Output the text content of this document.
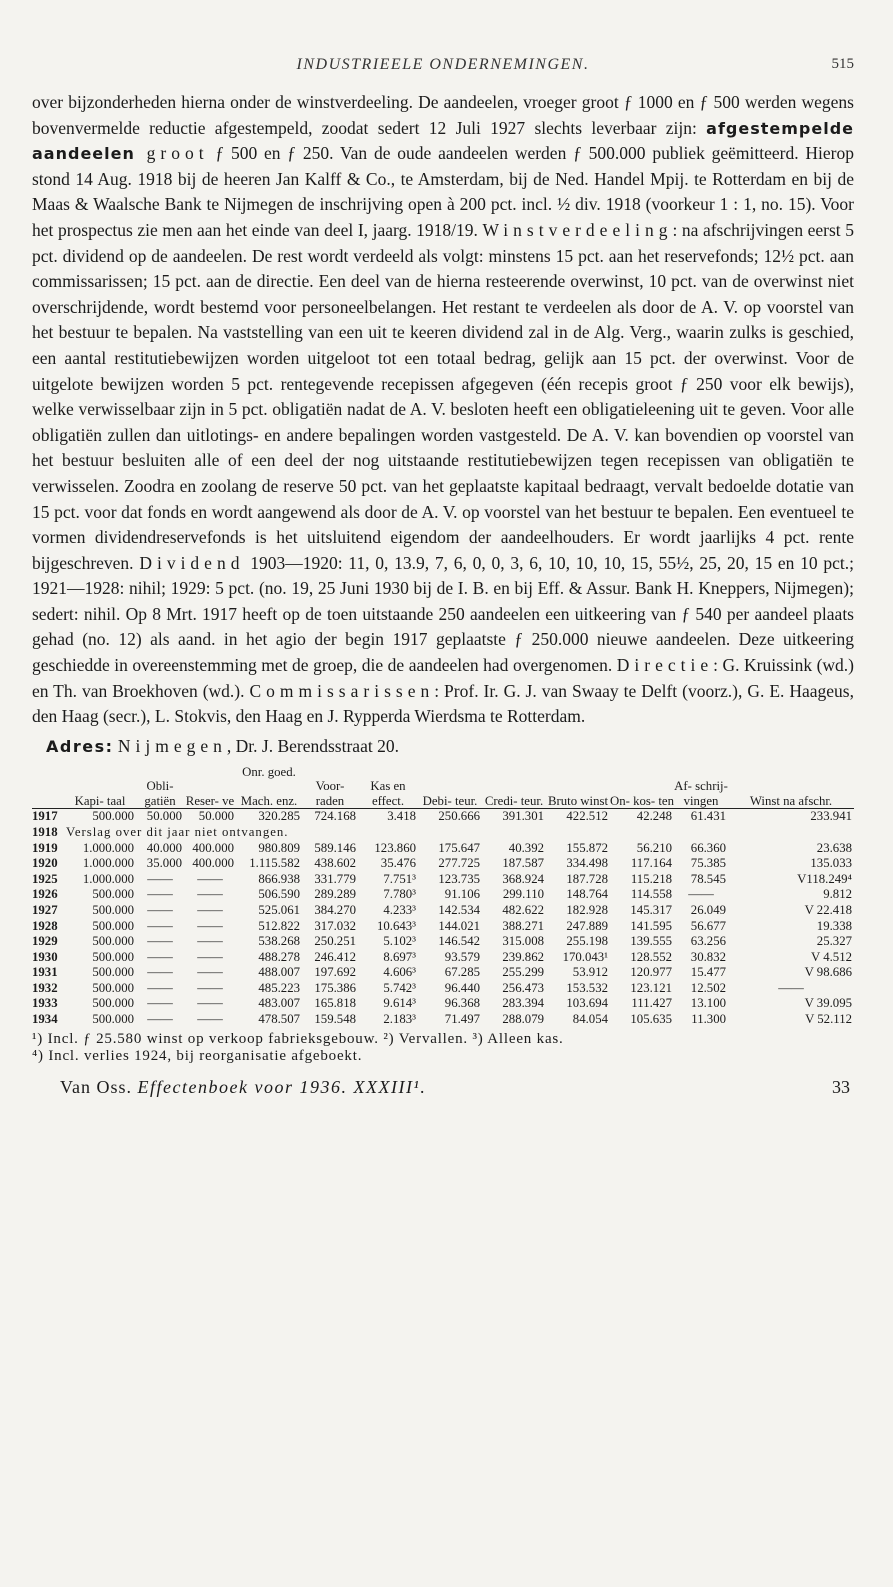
INDUSTRIEELE ONDERNEMINGEN.	515

over bijzonderheden hierna onder de winstverdeeling. De aandeelen, vroeger groot ƒ 1000 en ƒ 500 werden wegens bovenvermelde reductie afgestempeld, zoodat sedert 12 Juli 1927 slechts leverbaar zijn: afgestempelde aandeelen groot ƒ 500 en ƒ 250. Van de oude aandeelen werden ƒ 500.000 publiek geëmitteerd. Hierop stond 14 Aug. 1918 bij de heeren Jan Kalff & Co., te Amsterdam, bij de Ned. Handel Mpij. te Rotterdam en bij de Maas & Waalsche Bank te Nijmegen de inschrijving open à 200 pct. incl. ½ div. 1918 (voorkeur 1 : 1, no. 15). Voor het prospectus zie men aan het einde van deel I, jaarg. 1918/19. Winstverdeeling: na afschrijvingen eerst 5 pct. dividend op de aandeelen. De rest wordt verdeeld als volgt: minstens 15 pct. aan het reservefonds; 12½ pct. aan commissarissen; 15 pct. aan de directie. Een deel van de hierna resteerende overwinst, 10 pct. van de overwinst niet overschrijdende, wordt bestemd voor personeelbelangen. Het restant te verdeelen als door de A. V. op voorstel van het bestuur te bepalen. Na vaststelling van een uit te keeren dividend zal in de Alg. Verg., waarin zulks is geschied, een aantal restitutiebewijzen worden uitgeloot tot een totaal bedrag, gelijk aan 15 pct. der overwinst. Voor de uitgelote bewijzen worden 5 pct. rentegevende recepissen afgegeven (één recepis groot ƒ 250 voor elk bewijs), welke verwisselbaar zijn in 5 pct. obligatiën nadat de A. V. besloten heeft een obligatieleening uit te geven. Voor alle obligatiën zullen dan uitlotings- en andere bepalingen worden vastgesteld. De A. V. kan bovendien op voorstel van het bestuur besluiten alle of een deel der nog uitstaande restitutiebewijzen tegen recepissen van obligatiën te verwisselen. Zoodra en zoolang de reserve 50 pct. van het geplaatste kapitaal bedraagt, vervalt bedoelde dotatie van 15 pct. voor dat fonds en wordt aangewend als door de A. V. op voorstel van het bestuur te bepalen. Een eventueel te vormen dividendreservefonds is het uitsluitend eigendom der aandeelhouders. Er wordt jaarlijks 4 pct. rente bijgeschreven. Dividend 1903—1920: 11, 0, 13.9, 7, 6, 0, 0, 3, 6, 10, 10, 10, 15, 55½, 25, 20, 15 en 10 pct.; 1921—1928: nihil; 1929: 5 pct. (no. 19, 25 Juni 1930 bij de I. B. en bij Eff. & Assur. Bank H. Kneppers, Nijmegen); sedert: nihil. Op 8 Mrt. 1917 heeft op de toen uitstaande 250 aandeelen een uitkeering van ƒ 540 per aandeel plaats gehad (no. 12) als aand. in het agio der begin 1917 geplaatste ƒ 250.000 nieuwe aandeelen. Deze uitkeering geschiedde in overeenstemming met de groep, die de aandeelen had overgenomen. Directie: G. Kruissink (wd.) en Th. van Broekhoven (wd.). Commissarissen: Prof. Ir. G. J. van Swaay te Delft (voorz.), G. E. Haageus, den Haag (secr.), L. Stokvis, den Haag en J. Rypperda Wierdsma te Rotterdam.

Adres: Nijmegen, Dr. J. Berendsstraat 20.
				Onr. goed.								
	Kapi- taal	Obli- gatiën	Reser- ve	Mach. enz.	Voor- raden	Kas en effect.	Debi- teur.	Credi- teur.	Bruto winst	On- kos- ten	Af- schrij- vingen	Winst na afschr.
1917	500.000	50.000	50.000	320.285	724.168	3.418	250.666	391.301	422.512	42.248	61.431	233.941
1918	Verslag over dit jaar niet ontvangen.											
1919	1.000.000	40.000	400.000	980.809	589.146	123.860	175.647	40.392	155.872	56.210	66.360	23.638
1920	1.000.000	35.000	400.000	1.115.582	438.602	35.476	277.725	187.587	334.498	117.164	75.385	135.033
1925	1.000.000	——	——	866.938	331.779	7.751³	123.735	368.924	187.728	115.218	78.545	V118.249⁴
1926	500.000	——	——	506.590	289.289	7.780³	91.106	299.110	148.764	114.558	——	9.812
1927	500.000	——	——	525.061	384.270	4.233³	142.534	482.622	182.928	145.317	26.049	V 22.418
1928	500.000	——	——	512.822	317.032	10.643³	144.021	388.271	247.889	141.595	56.677	19.338
1929	500.000	——	——	538.268	250.251	5.102³	146.542	315.008	255.198	139.555	63.256	25.327
1930	500.000	——	——	488.278	246.412	8.697³	93.579	239.862	170.043¹	128.552	30.832	V 4.512
1931	500.000	——	——	488.007	197.692	4.606³	67.285	255.299	53.912	120.977	15.477	V 98.686
1932	500.000	——	——	485.223	175.386	5.742³	96.440	256.473	153.532	123.121	12.502	——
1933	500.000	——	——	483.007	165.818	9.614³	96.368	283.394	103.694	111.427	13.100	V 39.095
1934	500.000	——	——	478.507	159.548	2.183³	71.497	288.079	84.054	105.635	11.300	V 52.112
¹) Incl. ƒ 25.580 winst op verkoop fabrieksgebouw. ²) Vervallen. ³) Alleen kas.
⁴) Incl. verlies 1924, bij reorganisatie afgeboekt.
Van Oss. Effectenboek voor 1936. XXXIII¹.	33
